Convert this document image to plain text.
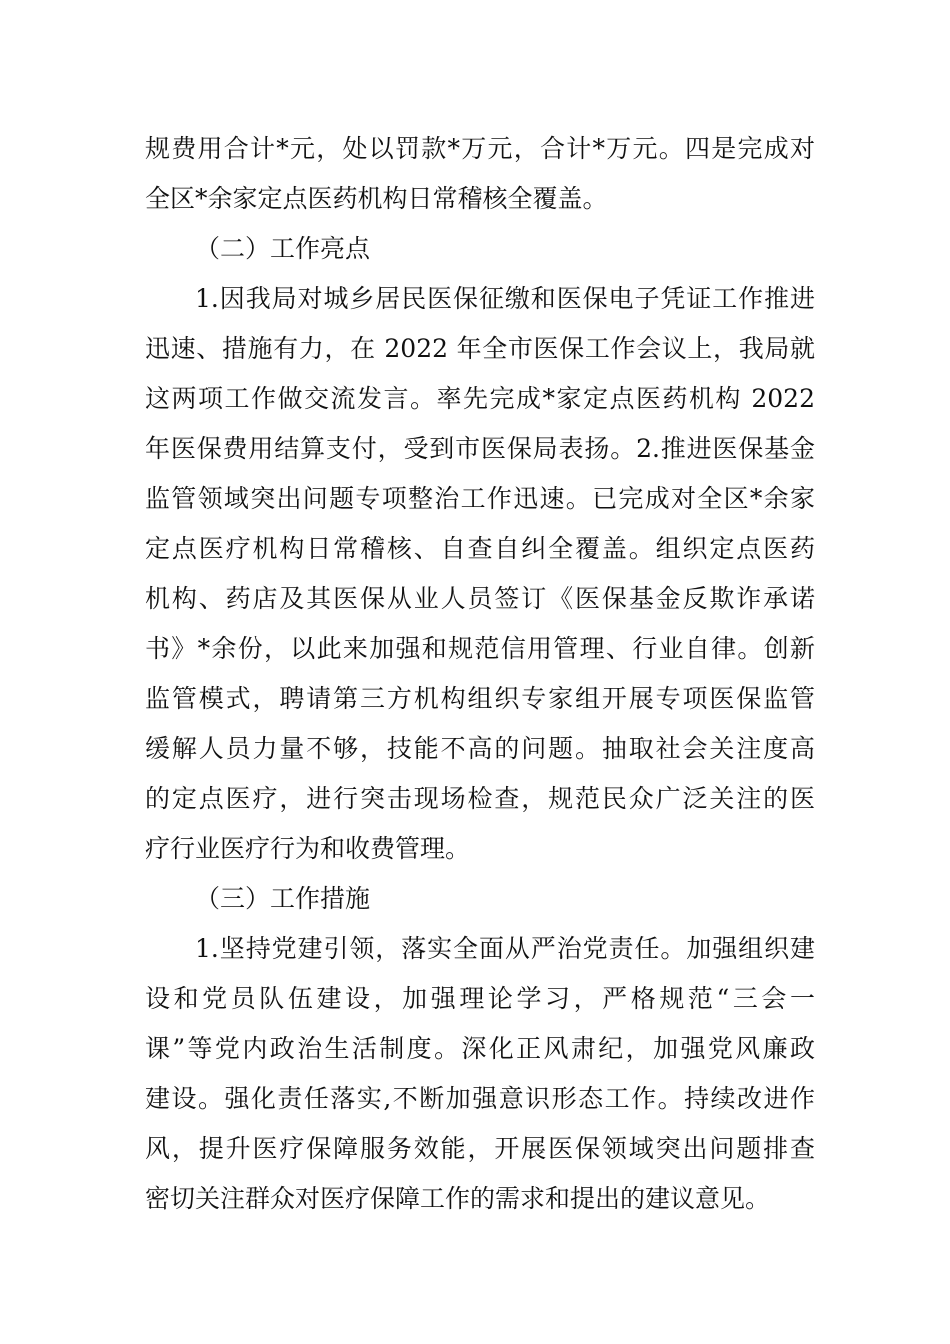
规费用合计*元，处以罚款*万元，合计*万元。四是完成对
全区*余家定点医药机构日常稽核全覆盖。
（二）工作亮点
1.因我局对城乡居民医保征缴和医保电子凭证工作推进
迅速、措施有力，在 2022 年全市医保工作会议上，我局就
这两项工作做交流发言。率先完成*家定点医药机构 2022
年医保费用结算支付，受到市医保局表扬。2.推进医保基金
监管领域突出问题专项整治工作迅速。已完成对全区*余家
定点医疗机构日常稽核、自查自纠全覆盖。组织定点医药
机构、药店及其医保从业人员签订《医保基金反欺诈承诺
书》*余份，以此来加强和规范信用管理、行业自律。创新
监管模式，聘请第三方机构组织专家组开展专项医保监管
缓解人员力量不够，技能不高的问题。抽取社会关注度高
的定点医疗，进行突击现场检查，规范民众广泛关注的医
疗行业医疗行为和收费管理。
（三）工作措施
1.坚持党建引领，落实全面从严治党责任。加强组织建
设和党员队伍建设，加强理论学习，严格规范“三会一
课”等党内政治生活制度。深化正风肃纪，加强党风廉政
建设。强化责任落实,不断加强意识形态工作。持续改进作
风，提升医疗保障服务效能，开展医保领域突出问题排查
密切关注群众对医疗保障工作的需求和提出的建议意见。
